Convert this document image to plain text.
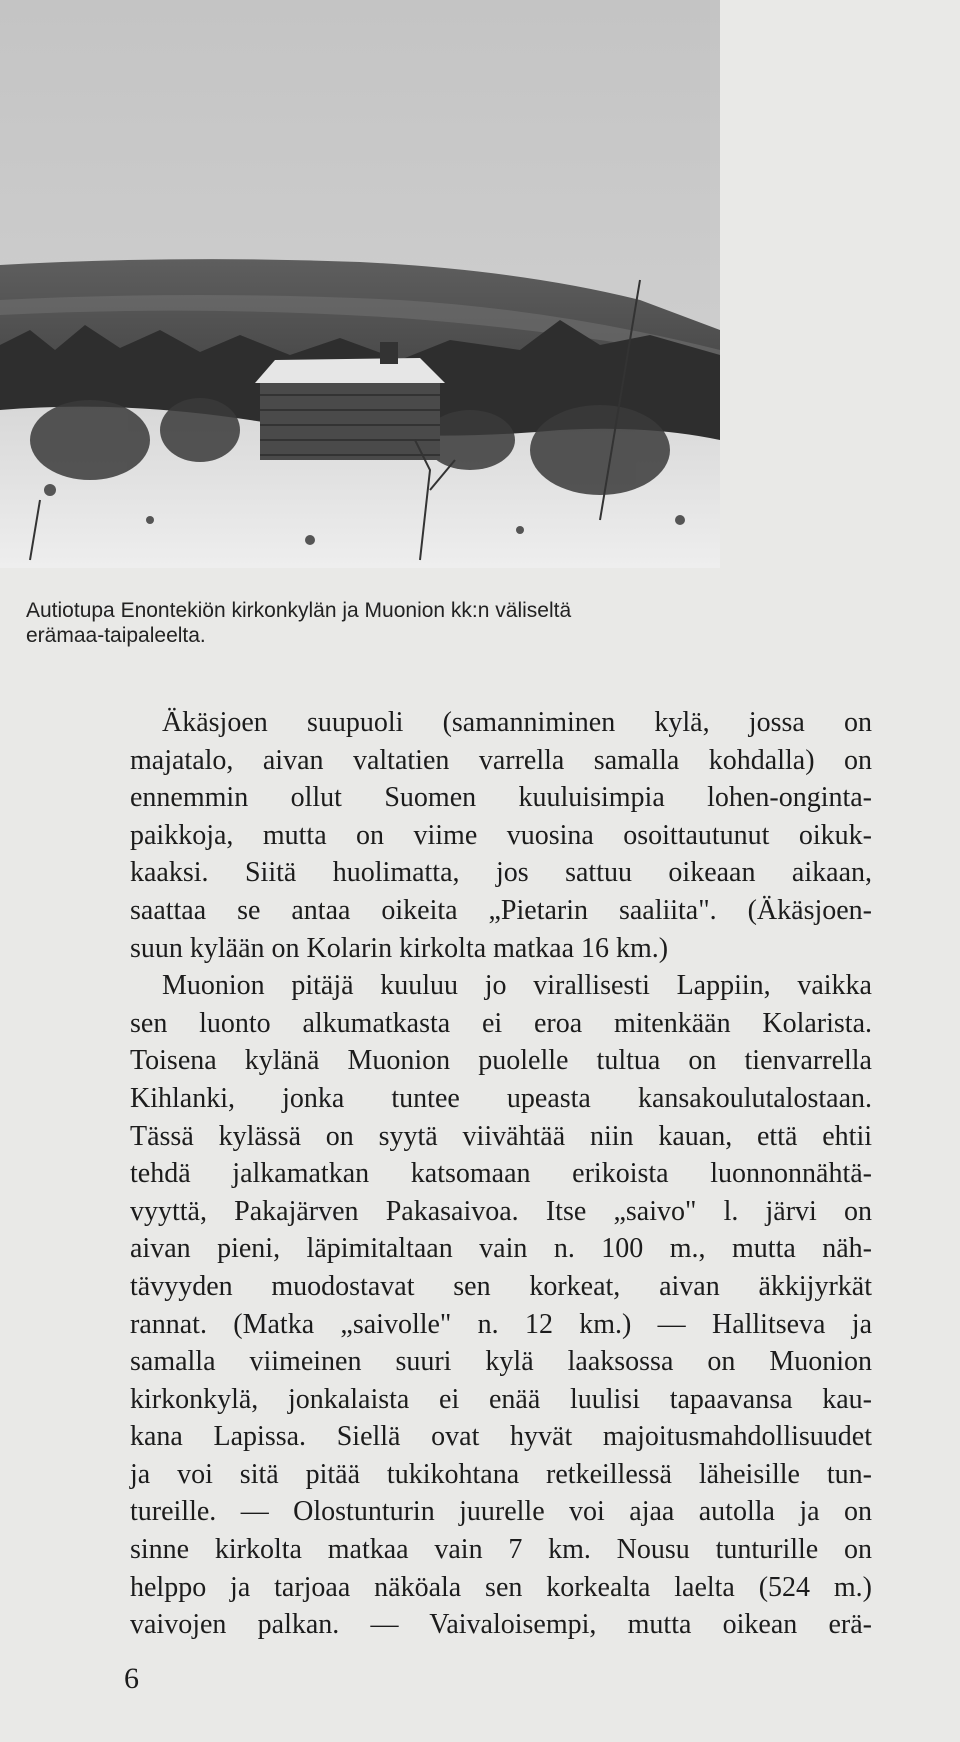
Autiotupa Enontekiön kirkonkylän ja Muonion kk:n väliseltä
erämaa-taipaleelta.
Äkäsjoen suupuoli (samanniminen kylä, jossa on
majatalo, aivan valtatien varrella samalla kohdalla) on
ennemmin ollut Suomen kuuluisimpia lohen-onginta-
paikkoja, mutta on viime vuosina osoittautunut oikuk-
kaaksi. Siitä huolimatta, jos sattuu oikeaan aikaan,
saattaa se antaa oikeita „Pietarin saaliita". (Äkäsjoen-
suun kylään on Kolarin kirkolta matkaa 16 km.)
Muonion pitäjä kuuluu jo virallisesti Lappiin, vaikka
sen luonto alkumatkasta ei eroa mitenkään Kolarista.
Toisena kylänä Muonion puolelle tultua on tienvarrella
Kihlanki, jonka tuntee upeasta kansakoulutalostaan.
Tässä kylässä on syytä viivähtää niin kauan, että ehtii
tehdä jalkamatkan katsomaan erikoista luonnonnähtä-
vyyttä, Pakajärven Pakasaivoa. Itse „saivo" l. järvi on
aivan pieni, läpimitaltaan vain n. 100 m., mutta näh-
tävyyden muodostavat sen korkeat, aivan äkkijyrkät
rannat. (Matka „saivolle" n. 12 km.) — Hallitseva ja
samalla viimeinen suuri kylä laaksossa on Muonion
kirkonkylä, jonkalaista ei enää luulisi tapaavansa kau-
kana Lapissa. Siellä ovat hyvät majoitusmahdollisuudet
ja voi sitä pitää tukikohtana retkeillessä läheisille tun-
tureille. — Olostunturin juurelle voi ajaa autolla ja on
sinne kirkolta matkaa vain 7 km. Nousu tunturille on
helppo ja tarjoaa näköala sen korkealta laelta (524 m.)
vaivojen palkan. — Vaivaloisempi, mutta oikean erä-
6
